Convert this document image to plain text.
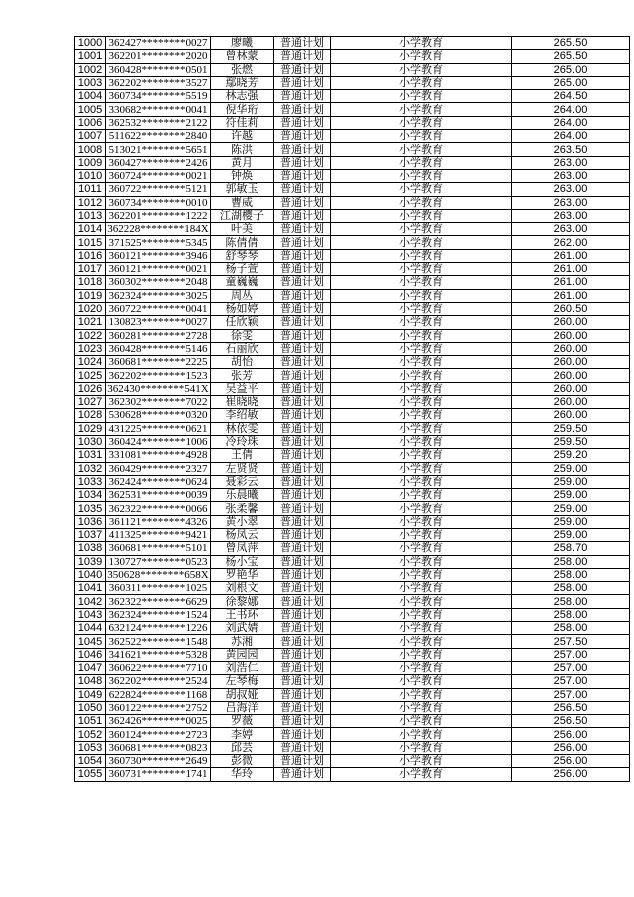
1000	362427********0027	廖曦	普通计划	小学教育	265.50
1001	362201********2020	曾林蒙	普通计划	小学教育	265.50
1002	360428********0501	张燃	普通计划	小学教育	265.00
1003	362202********3527	鄢晓芳	普通计划	小学教育	265.00
1004	360734********5519	林志强	普通计划	小学教育	264.50
1005	330682********0041	倪华珩	普通计划	小学教育	264.00
1006	362532********2122	符佳莉	普通计划	小学教育	264.00
1007	511622********2840	许越	普通计划	小学教育	264.00
1008	513021********5651	陈洪	普通计划	小学教育	263.50
1009	360427********2426	黄月	普通计划	小学教育	263.00
1010	360724********0021	钟焕	普通计划	小学教育	263.00
1011	360722********5121	郭敏玉	普通计划	小学教育	263.00
1012	360734********0010	曹威	普通计划	小学教育	263.00
1013	362201********1222	江湖樱子	普通计划	小学教育	263.00
1014	362228********184X	叶美	普通计划	小学教育	263.00
1015	371525********5345	陈倩倩	普通计划	小学教育	262.00
1016	360121********3946	舒琴琴	普通计划	小学教育	261.00
1017	360121********0021	杨子萱	普通计划	小学教育	261.00
1018	360302********2048	童巍巍	普通计划	小学教育	261.00
1019	362324********3025	周丛	普通计划	小学教育	261.00
1020	360722********0041	杨如婷	普通计划	小学教育	260.50
1021	130823********0027	任欣颖	普通计划	小学教育	260.00
1022	360281********2728	徐雯	普通计划	小学教育	260.00
1023	360428********5146	石丽欣	普通计划	小学教育	260.00
1024	360681********2225	胡怡	普通计划	小学教育	260.00
1025	362202********1523	张芳	普通计划	小学教育	260.00
1026	362430********541X	吴益平	普通计划	小学教育	260.00
1027	362302********7022	崔晓晓	普通计划	小学教育	260.00
1028	530628********0320	李绍敏	普通计划	小学教育	260.00
1029	431225********0621	林依雯	普通计划	小学教育	259.50
1030	360424********1006	冷玲珠	普通计划	小学教育	259.50
1031	331081********4928	王倩	普通计划	小学教育	259.20
1032	360429********2327	左贤贤	普通计划	小学教育	259.00
1033	362424********0624	聂彩云	普通计划	小学教育	259.00
1034	362531********0039	乐晨曦	普通计划	小学教育	259.00
1035	362322********0066	张柔馨	普通计划	小学教育	259.00
1036	361121********4326	黄小翠	普通计划	小学教育	259.00
1037	411325********9421	杨凤云	普通计划	小学教育	259.00
1038	360681********5101	曾凤萍	普通计划	小学教育	258.70
1039	130727********0523	杨小宝	普通计划	小学教育	258.00
1040	350628********658X	罗艳华	普通计划	小学教育	258.00
1041	360311********1025	刘根文	普通计划	小学教育	258.00
1042	362322********6629	徐黎娜	普通计划	小学教育	258.00
1043	362324********1524	王书环	普通计划	小学教育	258.00
1044	632124********1226	刘武婧	普通计划	小学教育	258.00
1045	362522********1548	苏湘	普通计划	小学教育	257.50
1046	341621********5328	黄园园	普通计划	小学教育	257.00
1047	360622********7710	刘浩仁	普通计划	小学教育	257.00
1048	362202********2524	左琴梅	普通计划	小学教育	257.00
1049	622824********1168	胡叔娅	普通计划	小学教育	257.00
1050	360122********2752	吕海洋	普通计划	小学教育	256.50
1051	362426********0025	罗薇	普通计划	小学教育	256.50
1052	360124********2723	李婷	普通计划	小学教育	256.00
1053	360681********0823	邱芸	普通计划	小学教育	256.00
1054	360730********2649	彭微	普通计划	小学教育	256.00
1055	360731********1741	华玲	普通计划	小学教育	256.00
